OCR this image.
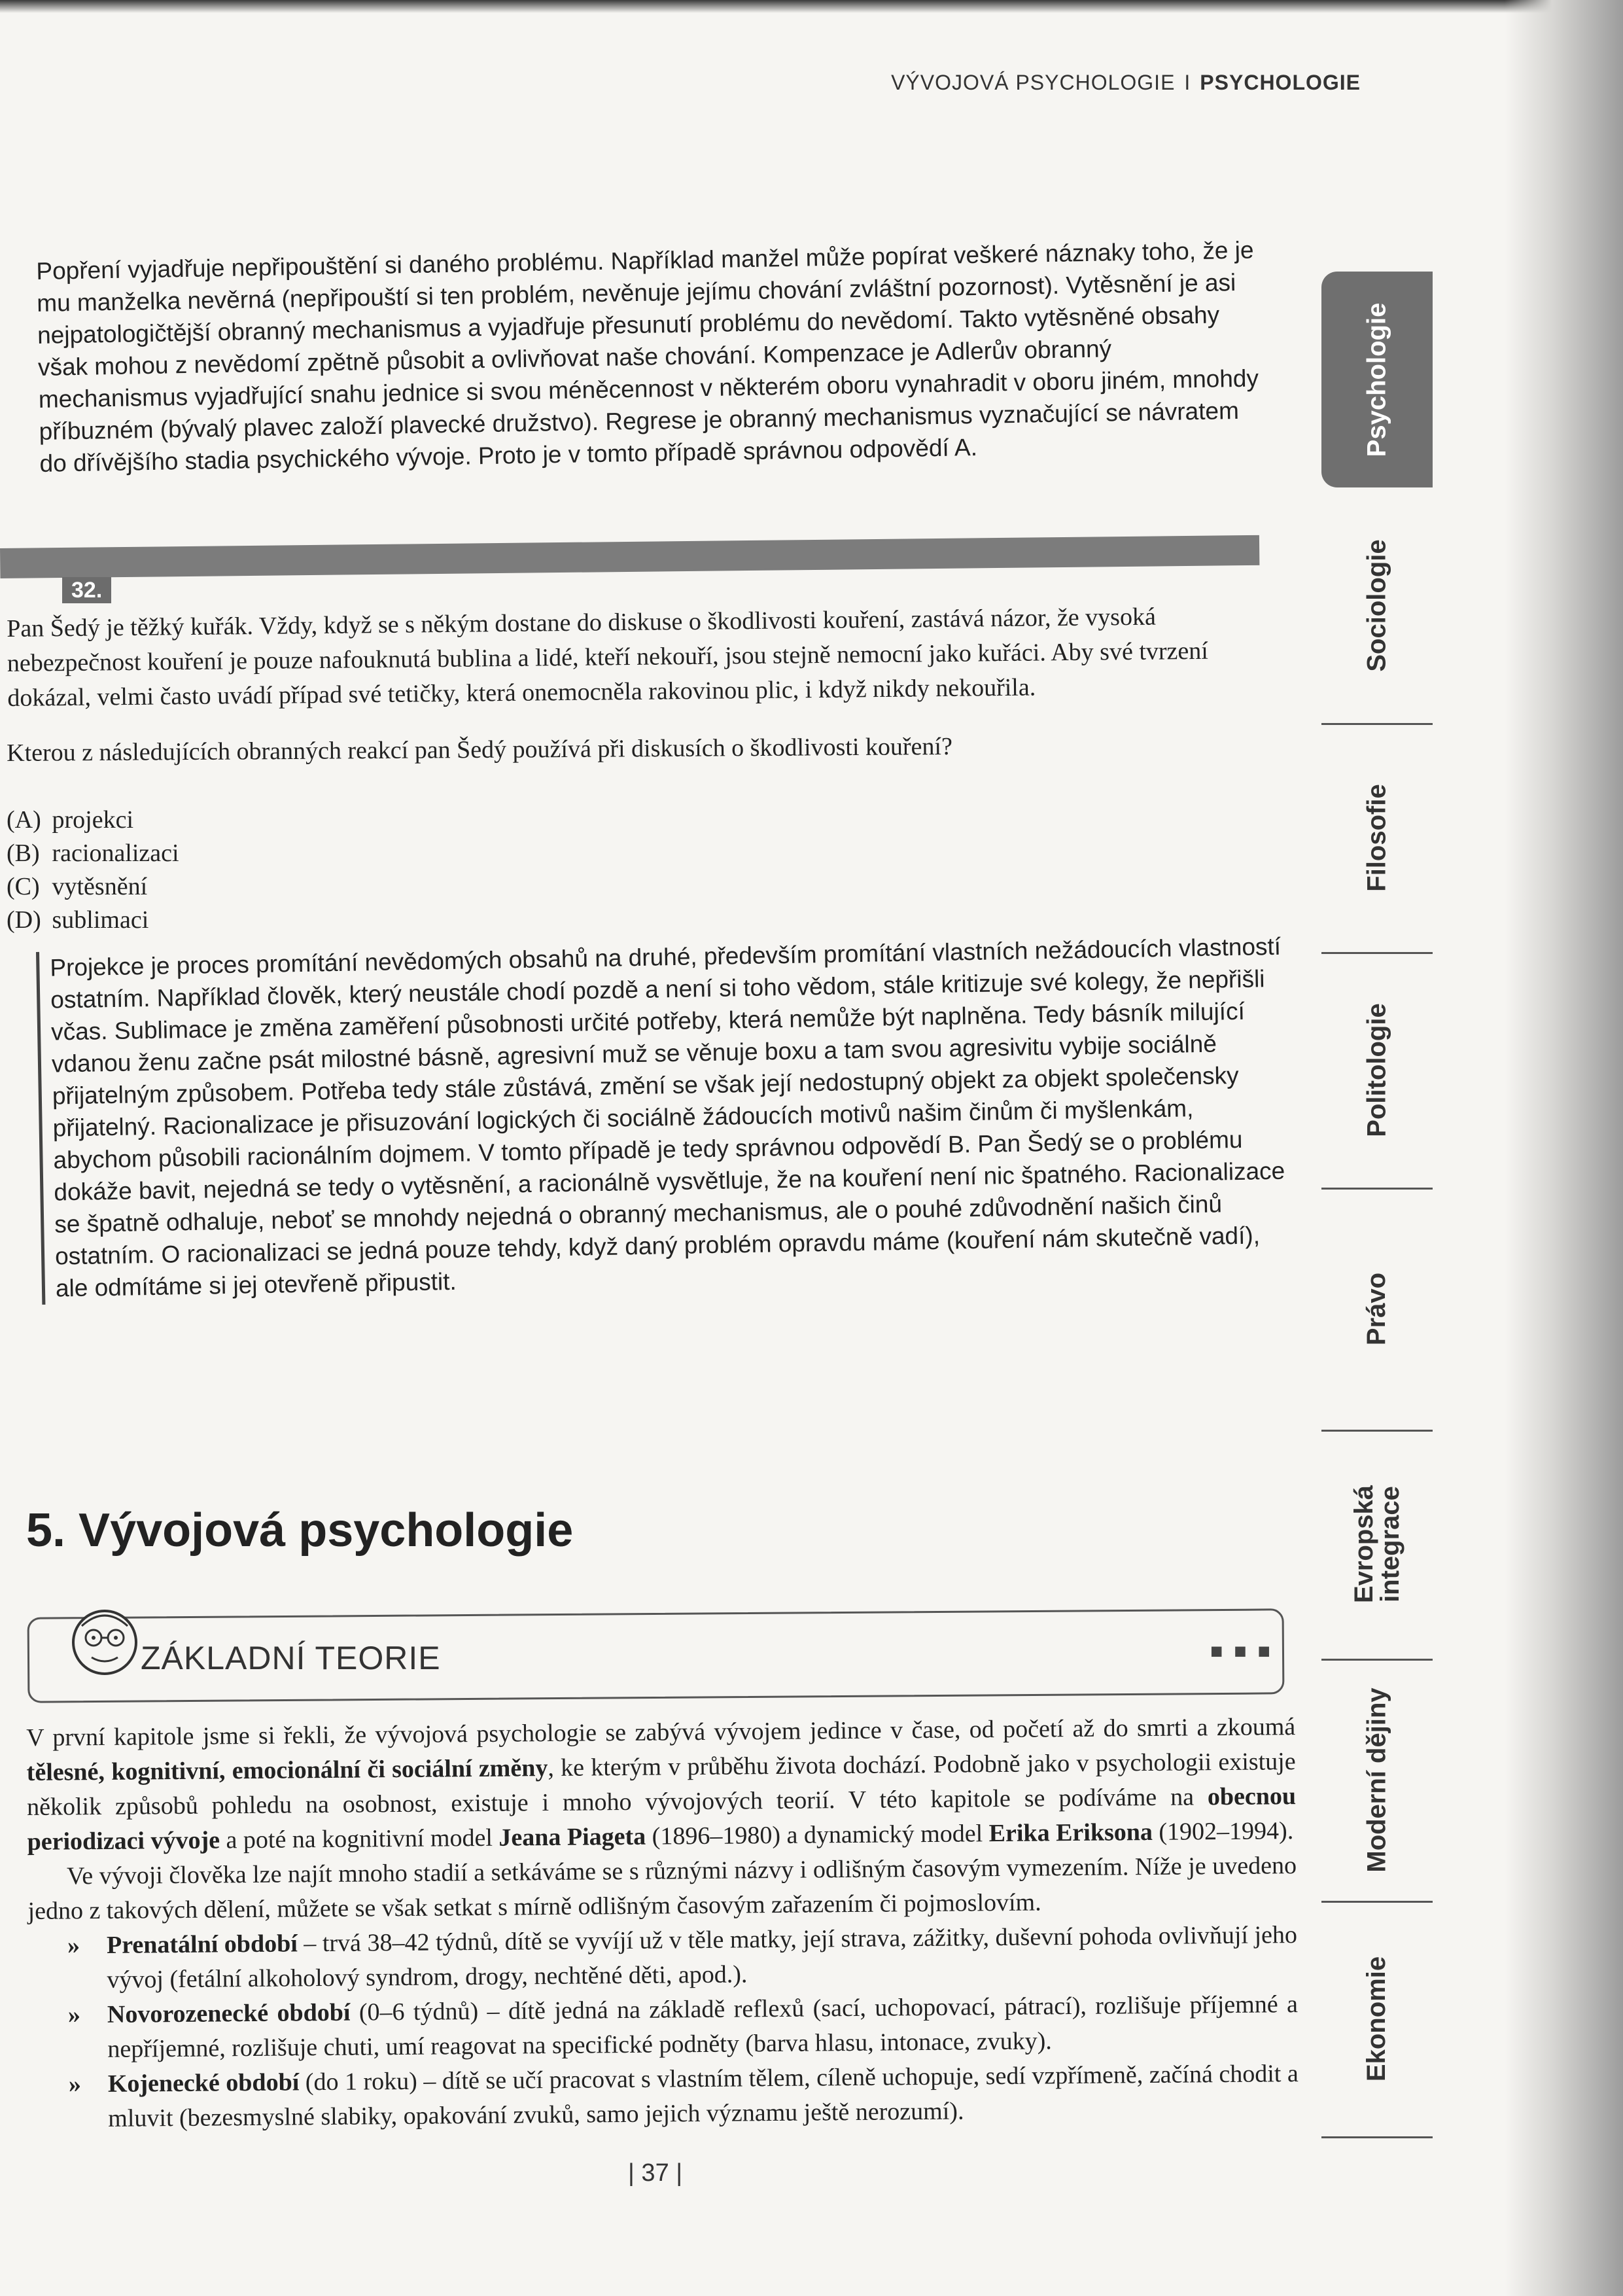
VÝVOJOVÁ PSYCHOLOGIE I PSYCHOLOGIE
Popření vyjadřuje nepřipouštění si daného problému. Například manžel může popírat veškeré náznaky toho, že je mu manželka nevěrná (nepřipouští si ten problém, nevěnuje jejímu chování zvláštní pozornost). Vytěsnění je asi nejpatologičtější obranný mechanismus a vyjadřuje přesunutí problému do nevědomí. Takto vytěsněné obsahy však mohou z nevědomí zpětně působit a ovlivňovat naše chování. Kompenzace je Adlerův obranný mechanismus vyjadřující snahu jednice si svou méněcennost v některém oboru vynahradit v oboru jiném, mnohdy příbuzném (bývalý plavec založí plavecké družstvo). Regrese je obranný mechanismus vyznačující se návratem do dřívějšího stadia psychického vývoje. Proto je v tomto případě správnou odpovědí A.
32.
Pan Šedý je těžký kuřák. Vždy, když se s někým dostane do diskuse o škodlivosti kouření, zastává názor, že vysoká nebezpečnost kouření je pouze nafouknutá bublina a lidé, kteří nekouří, jsou stejně nemocní jako kuřáci. Aby své tvrzení dokázal, velmi často uvádí případ své tetičky, která onemocněla rakovinou plic, i když nikdy nekouřila.
Kterou z následujících obranných reakcí pan Šedý používá při diskusích o škodlivosti kouření?
(A) projekci
(B) racionalizaci
(C) vytěsnění
(D) sublimaci
Projekce je proces promítání nevědomých obsahů na druhé, především promítání vlastních nežádoucích vlastností ostatním. Například člověk, který neustále chodí pozdě a není si toho vědom, stále kritizuje své kolegy, že nepřišli včas. Sublimace je změna zaměření působnosti určité potřeby, která nemůže být naplněna. Tedy básník milující vdanou ženu začne psát milostné básně, agresivní muž se věnuje boxu a tam svou agresivitu vybije sociálně přijatelným způsobem. Potřeba tedy stále zůstává, změní se však její nedostupný objekt za objekt společensky přijatelný. Racionalizace je přisuzování logických či sociálně žádoucích motivů našim činům či myšlenkám, abychom působili racionálním dojmem. V tomto případě je tedy správnou odpovědí B. Pan Šedý se o problému dokáže bavit, nejedná se tedy o vytěsnění, a racionálně vysvětluje, že na kouření není nic špatného. Racionalizace se špatně odhaluje, neboť se mnohdy nejedná o obranný mechanismus, ale o pouhé zdůvodnění našich činů ostatním. O racionalizaci se jedná pouze tehdy, když daný problém opravdu máme (kouření nám skutečně vadí), ale odmítáme si jej otevřeně připustit.
5. Vývojová psychologie
ZÁKLADNÍ TEORIE	■ ■ ■

V první kapitole jsme si řekli, že vývojová psychologie se zabývá vývojem jedince v čase, od početí až do smrti a zkoumá tělesné, kognitivní, emocionální či sociální změny, ke kterým v průběhu života dochází. Podobně jako v psychologii existuje několik způsobů pohledu na osobnost, existuje i mnoho vývojových teorií. V této kapitole se podíváme na obecnou periodizaci vývoje a poté na kognitivní model Jeana Piageta (1896–1980) a dynamický model Erika Eriksona (1902–1994).

Ve vývoji člověka lze najít mnoho stadií a setkáváme se s různými názvy i odlišným časovým vymezením. Níže je uvedeno jedno z takových dělení, můžete se však setkat s mírně odlišným časovým zařazením či pojmoslovím.

»	Prenatální období – trvá 38–42 týdnů, dítě se vyvíjí už v těle matky, její strava, zážitky, duševní pohoda ovlivňují jeho vývoj (fetální alkoholový syndrom, drogy, nechtěné děti, apod.).
»	Novorozenecké období (0–6 týdnů) – dítě jedná na základě reflexů (sací, uchopovací, pátrací), rozlišuje příjemné a nepříjemné, rozlišuje chuti, umí reagovat na specifické podněty (barva hlasu, intonace, zvuky).
»	Kojenecké období (do 1 roku) – dítě se učí pracovat s vlastním tělem, cíleně uchopuje, sedí vzpřímeně, začíná chodit a mluvit (bezesmyslné slabiky, opakování zvuků, samo jejich významu ještě nerozumí).
| 37 |
Psychologie
Sociologie
Filosofie
Politologie
Právo
Evropská
integrace
Moderní dějiny
Ekonomie
